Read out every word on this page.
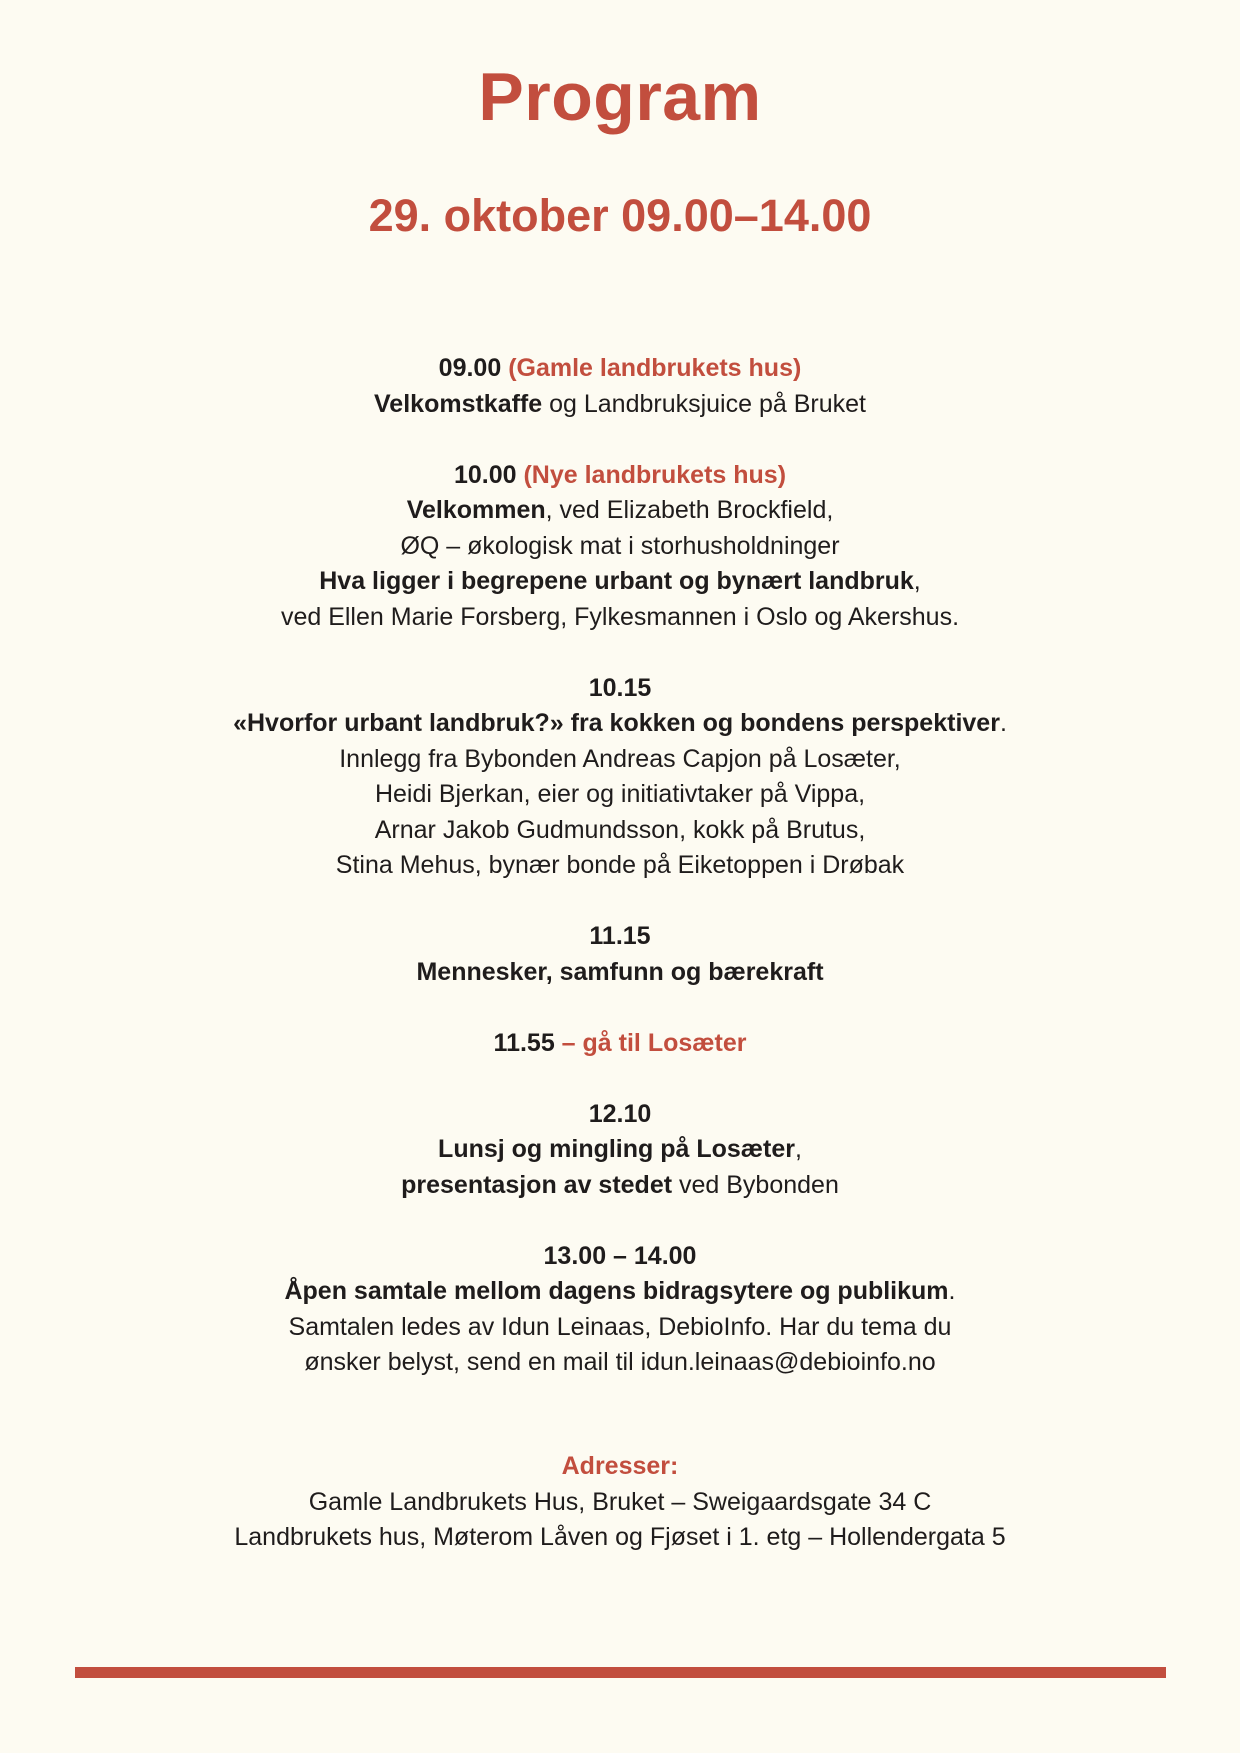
Program
29. oktober 09.00–14.00
09.00 (Gamle landbrukets hus)
Velkomstkaffe og Landbruksjuice på Bruket
10.00 (Nye landbrukets hus)
Velkommen, ved Elizabeth Brockfield,
ØQ – økologisk mat i storhusholdninger
Hva ligger i begrepene urbant og bynært landbruk,
ved Ellen Marie Forsberg, Fylkesmannen i Oslo og Akershus.
10.15
«Hvorfor urbant landbruk?» fra kokken og bondens perspektiver.
Innlegg fra Bybonden Andreas Capjon på Losæter,
Heidi Bjerkan, eier og initiativtaker på Vippa,
Arnar Jakob Gudmundsson, kokk på Brutus,
Stina Mehus, bynær bonde på Eiketoppen i Drøbak
11.15
Mennesker, samfunn og bærekraft
11.55 – gå til Losæter
12.10
Lunsj og mingling på Losæter,
presentasjon av stedet ved Bybonden
13.00 – 14.00
Åpen samtale mellom dagens bidragsytere og publikum.
Samtalen ledes av Idun Leinaas, DebioInfo. Har du tema du
ønsker belyst, send en mail til idun.leinaas@debioinfo.no
Adresser:
Gamle Landbrukets Hus, Bruket – Sweigaardsgate 34 C
Landbrukets hus, Møterom Låven og Fjøset i 1. etg – Hollendergata 5
